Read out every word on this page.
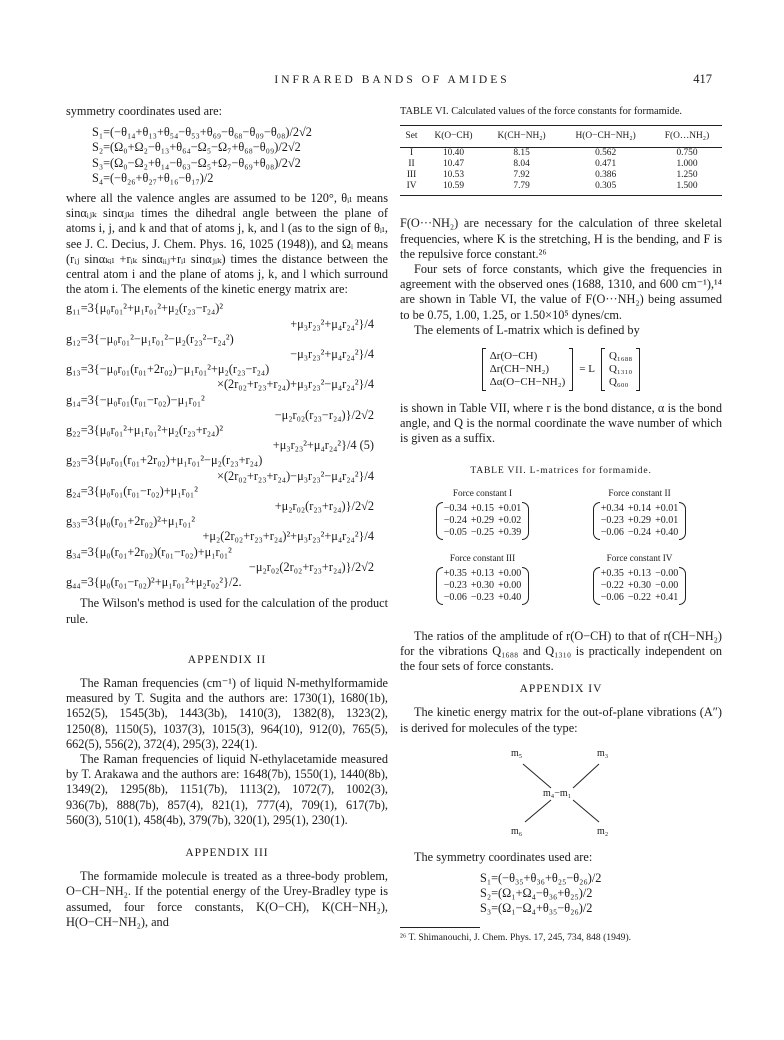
INFRARED BANDS OF AMIDES	417

symmetry coordinates used are:

S₁=(−θ₁₄+θ₁₃+θ₅₄−θ₅₃+θ₆₉−θ₆₈−θ₀₉−θ₀₈)/2√2
S₂=(Ω₀+Ω₂−θ₁₃+θ₆₄−Ω₅−Ω₇+θ₆₈−θ₀₉)/2√2
S₃=(Ω₀−Ω₂+θ₁₄−θ₆₃−Ω₅+Ω₇−θ₆₉+θ₀₈)/2√2
S₄=(−θ₂₆+θ₂₇+θ₁₆−θ₁₇)/2

where all the valence angles are assumed to be 120°, θᵢₗ means sinαᵢⱼₖ sinαⱼₖₗ times the dihedral angle between the plane of atoms i, j, and k and that of atoms j, k, and l (as to the sign of θᵢₗ, see J. C. Decius, J. Chem. Phys. 16, 1025 (1948)), and Ωᵢ means (rᵢⱼ sinαₖᵢₗ +rᵢₖ sinαᵢᵢⱼ+rᵢₗ sinαⱼᵢₖ) times the distance between the central atom i and the plane of atoms j, k, and l which surround the atom i. The elements of the kinetic energy matrix are:

g₁₁=3{μ₀r₀₁²+μ₁r₀₁²+μ₂(r₂₃−r₂₄)²
+μ₃r₂₃²+μ₄r₂₄²}/4
g₁₂=3{−μ₀r₀₁²−μ₁r₀₁²−μ₂(r₂₃²−r₂₄²)
−μ₃r₂₃²+μ₄r₂₄²}/4
g₁₃=3{−μ₀r₀₁(r₀₁+2r₀₂)−μ₁r₀₁²+μ₂(r₂₃−r₂₄)
×(2r₀₂+r₂₃+r₂₄)+μ₃r₂₃²−μ₄r₂₄²}/4
g₁₄=3{−μ₀r₀₁(r₀₁−r₀₂)−μ₁r₀₁²
−μ₂r₀₂(r₂₃−r₂₄)}/2√2
g₂₂=3{μ₀r₀₁²+μ₁r₀₁²+μ₂(r₂₃+r₂₄)²
+μ₃r₂₃²+μ₄r₂₄²}/4 (5)
g₂₃=3{μ₀r₀₁(r₀₁+2r₀₂)+μ₁r₀₁²−μ₂(r₂₃+r₂₄)
×(2r₀₂+r₂₃+r₂₄)−μ₃r₂₃²−μ₄r₂₄²}/4
g₂₄=3{μ₀r₀₁(r₀₁−r₀₂)+μ₁r₀₁²
+μ₂r₀₂(r₂₃+r₂₄)}/2√2
g₃₃=3{μ₀(r₀₁+2r₀₂)²+μ₁r₀₁²
+μ₂(2r₀₂+r₂₃+r₂₄)²+μ₃r₂₃²+μ₄r₂₄²}/4
g₃₄=3{μ₀(r₀₁+2r₀₂)(r₀₁−r₀₂)+μ₁r₀₁²
−μ₂r₀₂(2r₀₂+r₂₃+r₂₄)}/2√2
g₄₄=3{μ₀(r₀₁−r₀₂)²+μ₁r₀₁²+μ₂r₀₂²}/2.

The Wilson's method is used for the calculation of the product rule.

APPENDIX II

The Raman frequencies (cm⁻¹) of liquid N-methylformamide measured by T. Sugita and the authors are: 1730(1), 1680(1b), 1652(5), 1545(3b), 1443(3b), 1410(3), 1382(8), 1323(2), 1250(8), 1150(5), 1037(3), 1015(3), 964(10), 912(0), 765(5), 662(5), 556(2), 372(4), 295(3), 224(1).

The Raman frequencies of liquid N-ethylacetamide measured by T. Arakawa and the authors are: 1648(7b), 1550(1), 1440(8b), 1349(2), 1295(8b), 1151(7b), 1113(2), 1072(7), 1002(3), 936(7b), 888(7b), 857(4), 821(1), 777(4), 709(1), 617(7b), 560(3), 510(1), 458(4b), 379(7b), 320(1), 295(1), 230(1).

APPENDIX III

The formamide molecule is treated as a three-body problem, O−CH−NH₂. If the potential energy of the Urey-Bradley type is assumed, four force constants, K(O−CH), K(CH−NH₂), H(O−CH−NH₂), and

TABLE VI. Calculated values of the force constants for formamide.
Set	K(O−CH)	K(CH−NH₂)	H(O−CH−NH₂)	F(O…NH₂)
I	10.40	8.15	0.562	0.750
II	10.47	8.04	0.471	1.000
III	10.53	7.92	0.386	1.250
IV	10.59	7.79	0.305	1.500

F(O···NH₂) are necessary for the calculation of three skeletal frequencies, where K is the stretching, H is the bending, and F is the repulsive force constant.²⁶

Four sets of force constants, which give the frequencies in agreement with the observed ones (1688, 1310, and 600 cm⁻¹),¹⁴ are shown in Table VI, the value of F(O···NH₂) being assumed to be 0.75, 1.00, 1.25, or 1.50×10⁵ dynes/cm.

The elements of L-matrix which is defined by

Δr(O−CH)
Δr(CH−NH₂)
Δα(O−CH−NH₂)
= L
Q₁₆₈₈
Q₁₃₁₀
Q₆₀₀

is shown in Table VII, where r is the bond distance, α is the bond angle, and Q is the normal coordinate the wave number of which is given as a suffix.

TABLE VII. L-matrices for formamide.
Force constant I
−0.34 +0.15 +0.01
−0.24 +0.29 +0.02
−0.05 −0.25 +0.39
Force constant II
+0.34 +0.14 +0.01
−0.23 +0.29 +0.01
−0.06 −0.24 +0.40
Force constant III
+0.35 +0.13 +0.00
−0.23 +0.30 +0.00
−0.06 −0.23 +0.40
Force constant IV
+0.35 +0.13 −0.00
−0.22 +0.30 −0.00
−0.06 −0.22 +0.41

The ratios of the amplitude of r(O−CH) to that of r(CH−NH₂) for the vibrations Q₁₆₈₈ and Q₁₃₁₀ is practically independent on the four sets of force constants.

APPENDIX IV

The kinetic energy matrix for the out-of-plane vibrations (A″) is derived for molecules of the type:

m₅	m₃
m₄−m₁
m₆	m₂

The symmetry coordinates used are:

S₁=(−θ₃₅+θ₃₆+θ₂₅−θ₂₆)/2
S₂=(Ω₁+Ω₄−θ₃₆+θ₂₅)/2
S₃=(Ω₁−Ω₄+θ₃₅−θ₂₆)/2
²⁶ T. Shimanouchi, J. Chem. Phys. 17, 245, 734, 848 (1949).
